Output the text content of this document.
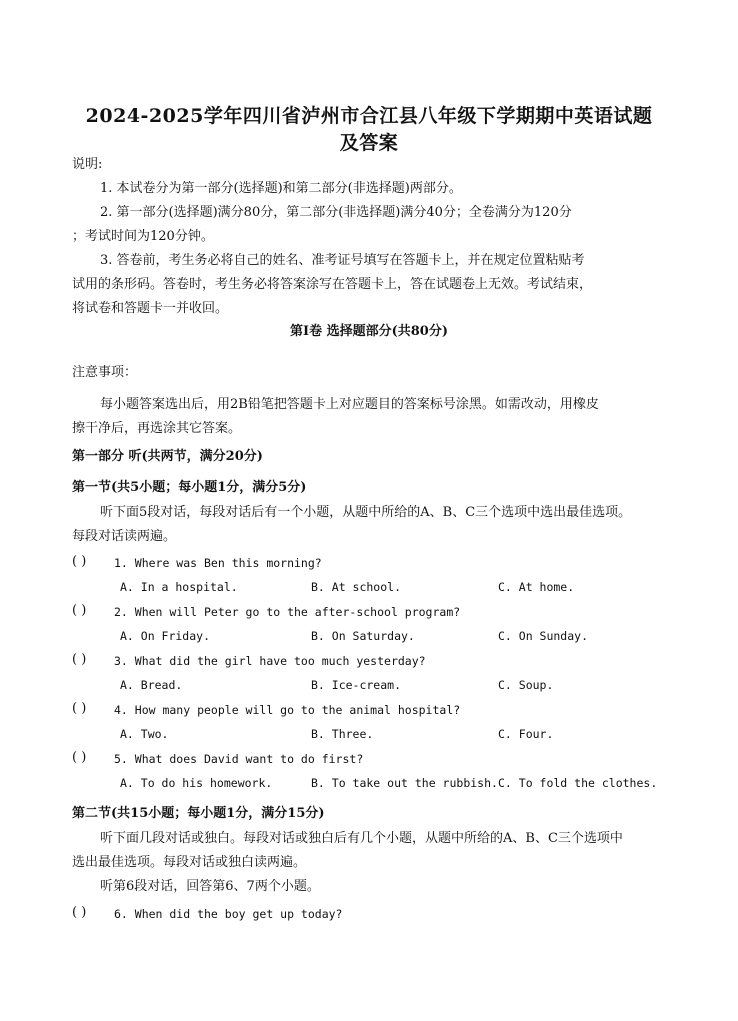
2024-2025学年四川省泸州市合江县八年级下学期期中英语试题
及答案
说明:
1. 本试卷分为第一部分(选择题)和第二部分(非选择题)两部分。
2. 第一部分(选择题)满分80分，第二部分(非选择题)满分40分；全卷满分为120分
；考试时间为120分钟。
3. 答卷前，考生务必将自己的姓名、准考证号填写在答题卡上，并在规定位置粘贴考
试用的条形码。答卷时，考生务必将答案涂写在答题卡上，答在试题卷上无效。考试结束，
将试卷和答题卡一并收回。
第Ⅰ卷 选择题部分(共80分)
注意事项：
每小题答案选出后，用2B铅笔把答题卡上对应题目的答案标号涂黑。如需改动，用橡皮
擦干净后，再选涂其它答案。
第一部分 听(共两节，满分20分)
第一节(共5小题；每小题1分，满分5分)
听下面5段对话，每段对话后有一个小题，从题中所给的A、B、C三个选项中选出最佳选项。
每段对话读两遍。
( ) 1. Where was Ben this morning?
A. In a hospital.	B. At school.	C. At home.
( ) 2. When will Peter go to the after-school program?
A. On Friday.	B. On Saturday.	C. On Sunday.
( ) 3. What did the girl have too much yesterday?
A. Bread.	B. Ice-cream.	C. Soup.
( ) 4. How many people will go to the animal hospital?
A. Two.	B. Three.	C. Four.
( ) 5. What does David want to do first?
A. To do his homework.	B. To take out the rubbish. C. To fold the clothes.
第二节(共15小题；每小题1分，满分15分)
听下面几段对话或独白。每段对话或独白后有几个小题，从题中所给的A、B、C三个选项中
选出最佳选项。每段对话或独白读两遍。
听第6段对话，回答第6、7两个小题。
( ) 6. When did the boy get up today?
